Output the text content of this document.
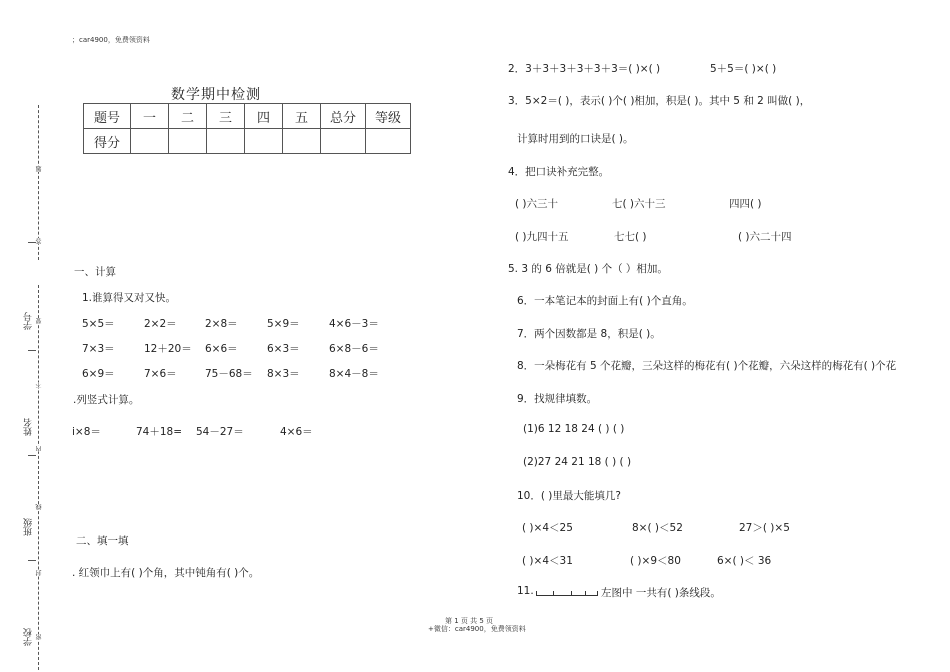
；car4900，免费领资料
第 1 页 共 5 页
+微信：car4900，免费领资料
题
答
要
不
内
线
封
密
学号
姓名
班级
学校
数学期中检测
题号	一	二	三	四	五	总分	等级
得分							
一、计算
1.谁算得又对又快。
5×5＝	2×2＝	2×8＝	5×9＝	4×6－3＝
7×3＝	12＋20＝ 6×6＝	6×3＝	6×8－6＝
6×9＝	7×6＝	75－68＝ 8×3＝	8×4－8＝
.列竖式计算。
i×8＝	74＋18= 54－27＝	4×6＝
二、填一填
. 红领巾上有( )个角，其中钝角有( )个。
2．3＋3＋3＋3＋3＋3＝( )×( )	5＋5＝( )×( )
3．5×2＝( )，表示( )个( )相加，积是( )。其中 5 和 2 叫做( )，
计算时用到的口诀是( )。
4．把口诀补充完整。
( )六三十	七( )六十三	四四( )
( )九四十五	七七( )	( )六二十四
5. 3 的 6 倍就是( ) 个（ ）相加。
6．一本笔记本的封面上有( )个直角。
7．两个因数都是 8，积是( )。
8．一朵梅花有 5 个花瓣，三朵这样的梅花有( )个花瓣，六朵这样的梅花有( )个花
9．找规律填数。
(1)6 12 18 24 ( ) ( )
(2)27 24 21 18 ( ) ( )
10．( )里最大能填几?
( )×4＜25	8×( )＜52	27＞( )×5
( )×4＜31	( )×9＜80	6×( )＜ 36
11.	左图中 一共有( )条线段。
